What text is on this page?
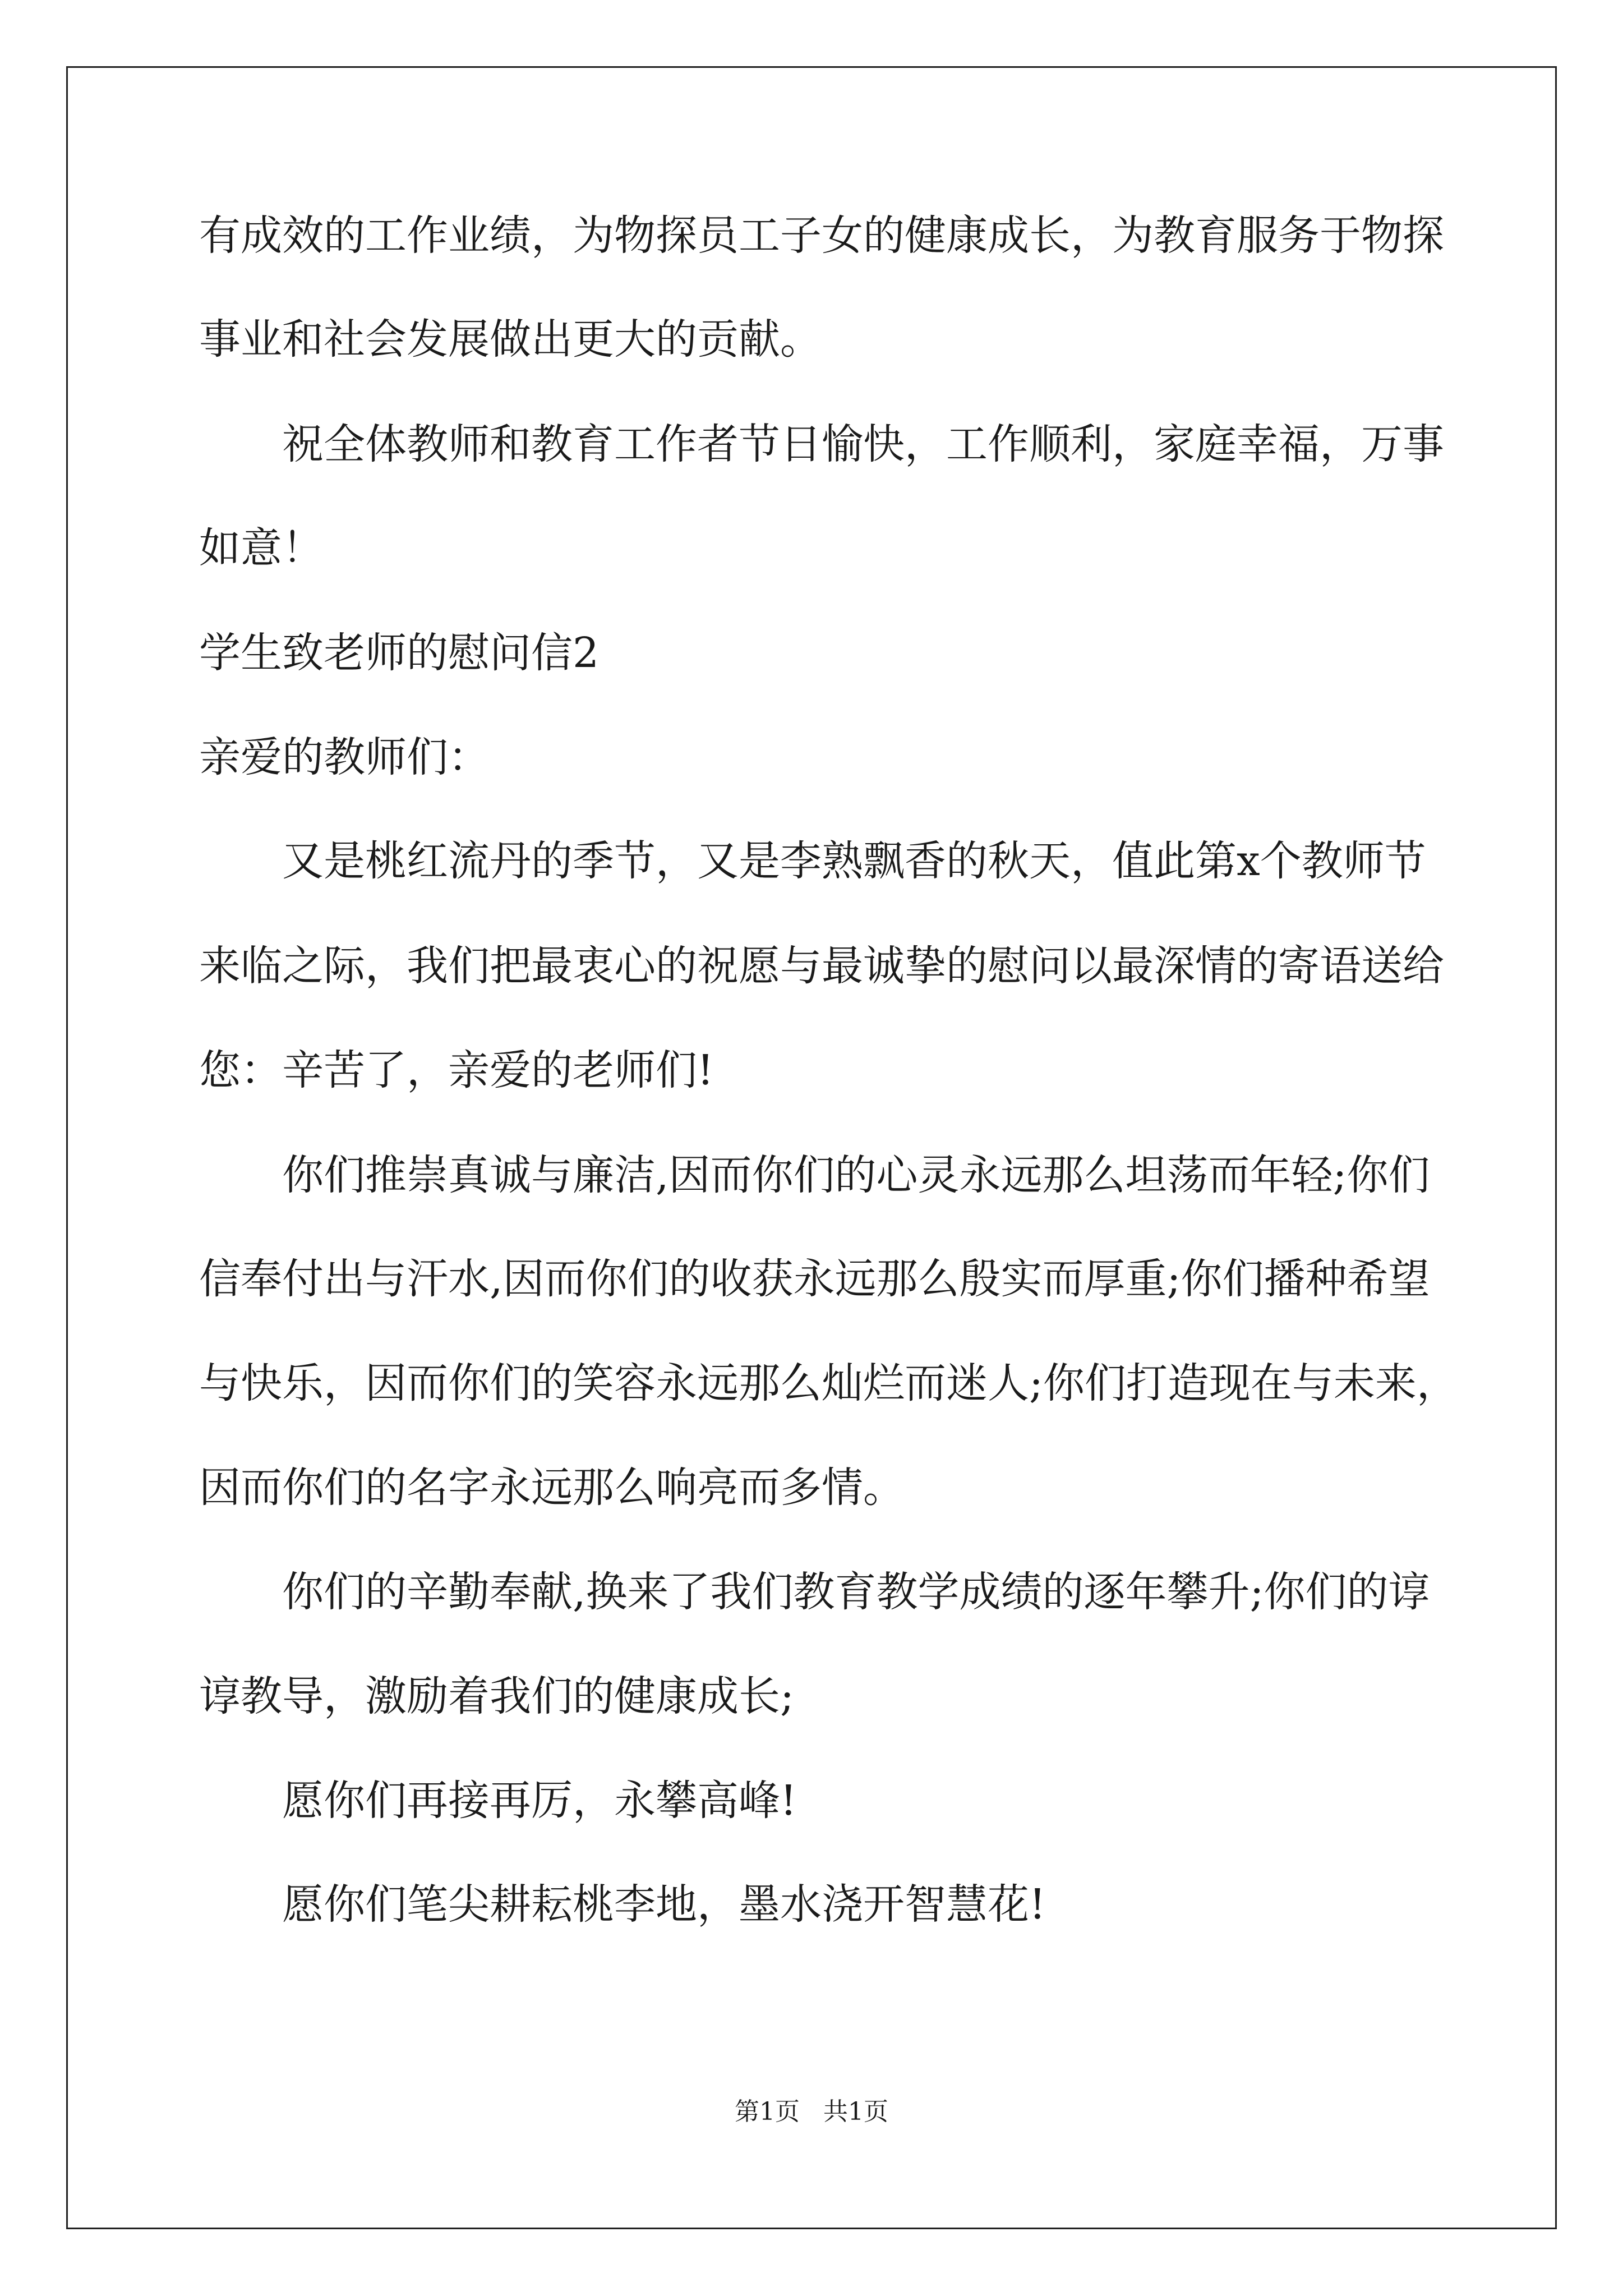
有成效的工作业绩，为物探员工子女的健康成长，为教育服务于物探
事业和社会发展做出更大的贡献。
祝全体教师和教育工作者节日愉快，工作顺利，家庭幸福，万事
如意！
学生致老师的慰问信2
亲爱的教师们：
又是桃红流丹的季节，又是李熟飘香的秋天，值此第x个教师节
来临之际，我们把最衷心的祝愿与最诚挚的慰问以最深情的寄语送给
您：辛苦了，亲爱的老师们!
你们推崇真诚与廉洁,因而你们的心灵永远那么坦荡而年轻;你们
信奉付出与汗水,因而你们的收获永远那么殷实而厚重;你们播种希望
与快乐，因而你们的笑容永远那么灿烂而迷人;你们打造现在与未来，
因而你们的名字永远那么响亮而多情。
你们的辛勤奉献,换来了我们教育教学成绩的逐年攀升;你们的谆
谆教导，激励着我们的健康成长;
愿你们再接再厉，永攀高峰!
愿你们笔尖耕耘桃李地，墨水浇开智慧花!
第1页   共1页
